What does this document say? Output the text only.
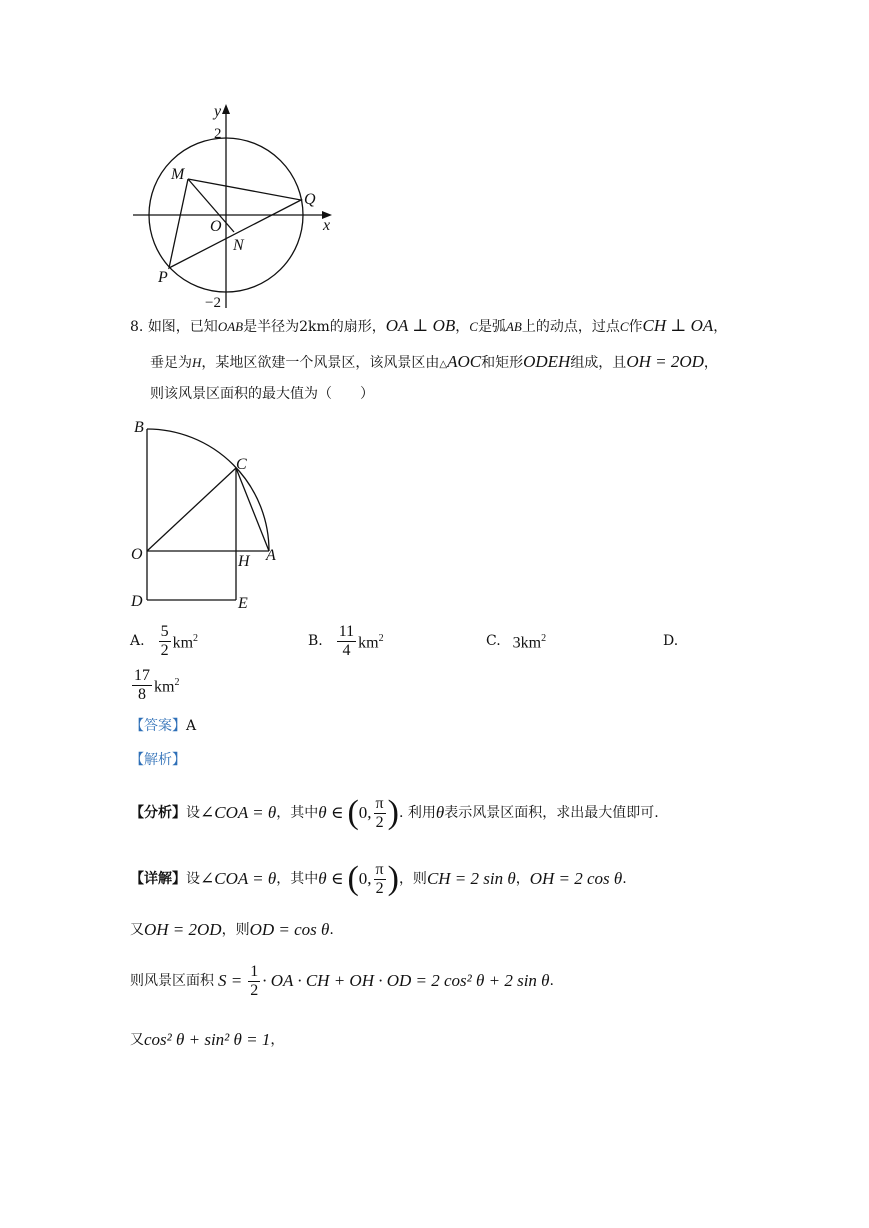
y
M
Q
O	x
N
P
2
−2
8. 如图，已知OAB是半径为2km的扇形，OA ⊥ OB，C是弧AB上的动点，过点C作CH ⊥ OA，
垂足为H，某地区欲建一个风景区，该风景区由△AOC和矩形ODEH组成，且OH = 2OD，
则该风景区面积的最大值为（　　）
B
C
O	H A
D	E
A. $\frac{5}{2} km^2$	B. $\frac{11}{4} km^2$	C. $3km^2$	D.
$\frac{17}{8} km^2$
【答案】A
【解析】
【分析】 设 ∠COA = θ ，其中 θ ∈ ( 0, $\frac{\pi}{2}$ ) . 利用 θ 表示风景区面积，求出最大值即可.
【详解】 设 ∠COA = θ ，其中 θ ∈ ( 0, $\frac{\pi}{2}$ ) ，则 CH = 2 sin θ ， OH = 2 cos θ .
又 OH = 2OD ，则 OD = cos θ .
则风景区面积 $S = \frac{1}{2}$ · OA · CH + OH · OD = 2 cos² θ + 2 sin θ .
又 cos² θ + sin² θ = 1 ，
